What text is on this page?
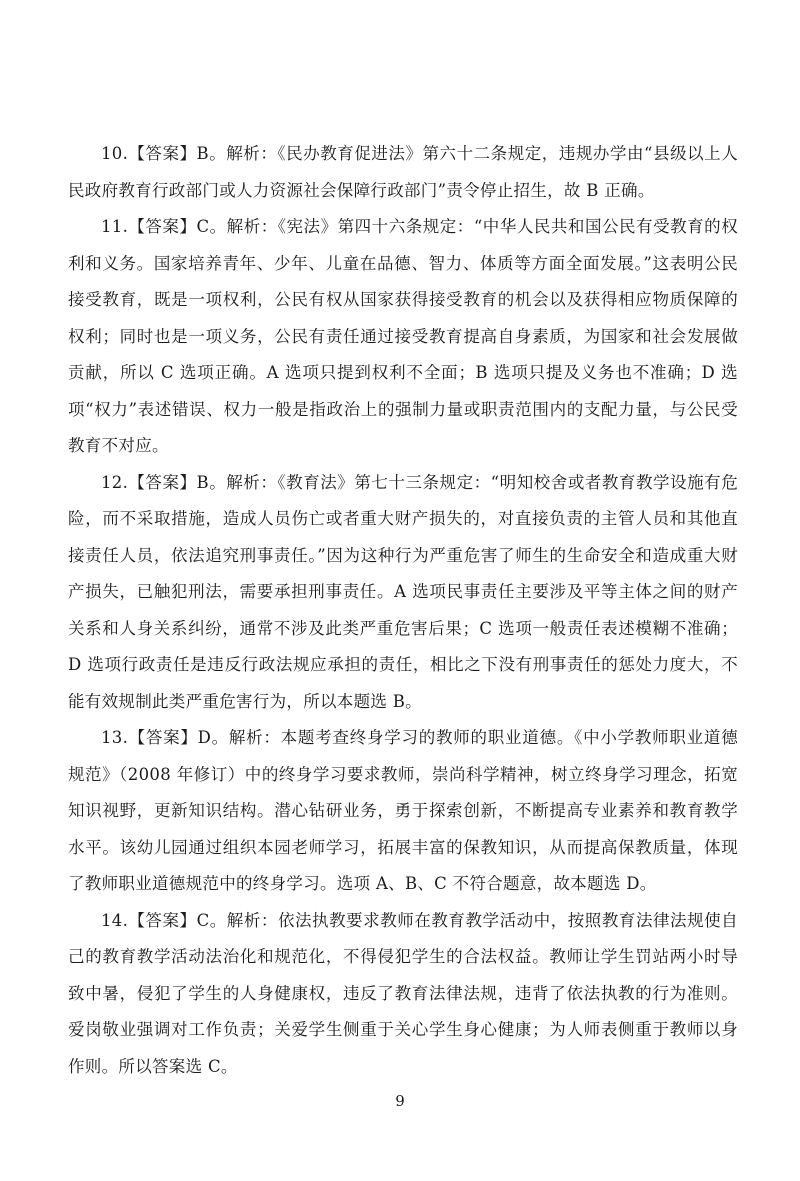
10.【答案】B。解析：《民办教育促进法》第六十二条规定，违规办学由“县级以上人民政府教育行政部门或人力资源社会保障行政部门”责令停止招生，故 B 正确。

11.【答案】C。解析：《宪法》第四十六条规定：“中华人民共和国公民有受教育的权利和义务。国家培养青年、少年、儿童在品德、智力、体质等方面全面发展。”这表明公民接受教育，既是一项权利，公民有权从国家获得接受教育的机会以及获得相应物质保障的权利；同时也是一项义务，公民有责任通过接受教育提高自身素质，为国家和社会发展做贡献，所以 C 选项正确。A 选项只提到权利不全面；B 选项只提及义务也不准确；D 选项“权力”表述错误、权力一般是指政治上的强制力量或职责范围内的支配力量，与公民受教育不对应。

12.【答案】B。解析：《教育法》第七十三条规定：“明知校舍或者教育教学设施有危险，而不采取措施，造成人员伤亡或者重大财产损失的，对直接负责的主管人员和其他直接责任人员，依法追究刑事责任。”因为这种行为严重危害了师生的生命安全和造成重大财产损失，已触犯刑法，需要承担刑事责任。A 选项民事责任主要涉及平等主体之间的财产关系和人身关系纠纷，通常不涉及此类严重危害后果；C 选项一般责任表述模糊不准确；D 选项行政责任是违反行政法规应承担的责任，相比之下没有刑事责任的惩处力度大，不能有效规制此类严重危害行为，所以本题选 B。

13.【答案】D。解析：本题考查终身学习的教师的职业道德。《中小学教师职业道德规范》（2008 年修订）中的终身学习要求教师，崇尚科学精神，树立终身学习理念，拓宽知识视野，更新知识结构。潜心钻研业务，勇于探索创新，不断提高专业素养和教育教学水平。该幼儿园通过组织本园老师学习，拓展丰富的保教知识，从而提高保教质量，体现了教师职业道德规范中的终身学习。选项 A、B、C 不符合题意，故本题选 D。

14.【答案】C。解析：依法执教要求教师在教育教学活动中，按照教育法律法规使自己的教育教学活动法治化和规范化，不得侵犯学生的合法权益。教师让学生罚站两小时导致中暑，侵犯了学生的人身健康权，违反了教育法律法规，违背了依法执教的行为准则。爱岗敬业强调对工作负责；关爱学生侧重于关心学生身心健康；为人师表侧重于教师以身作则。所以答案选 C。

9
